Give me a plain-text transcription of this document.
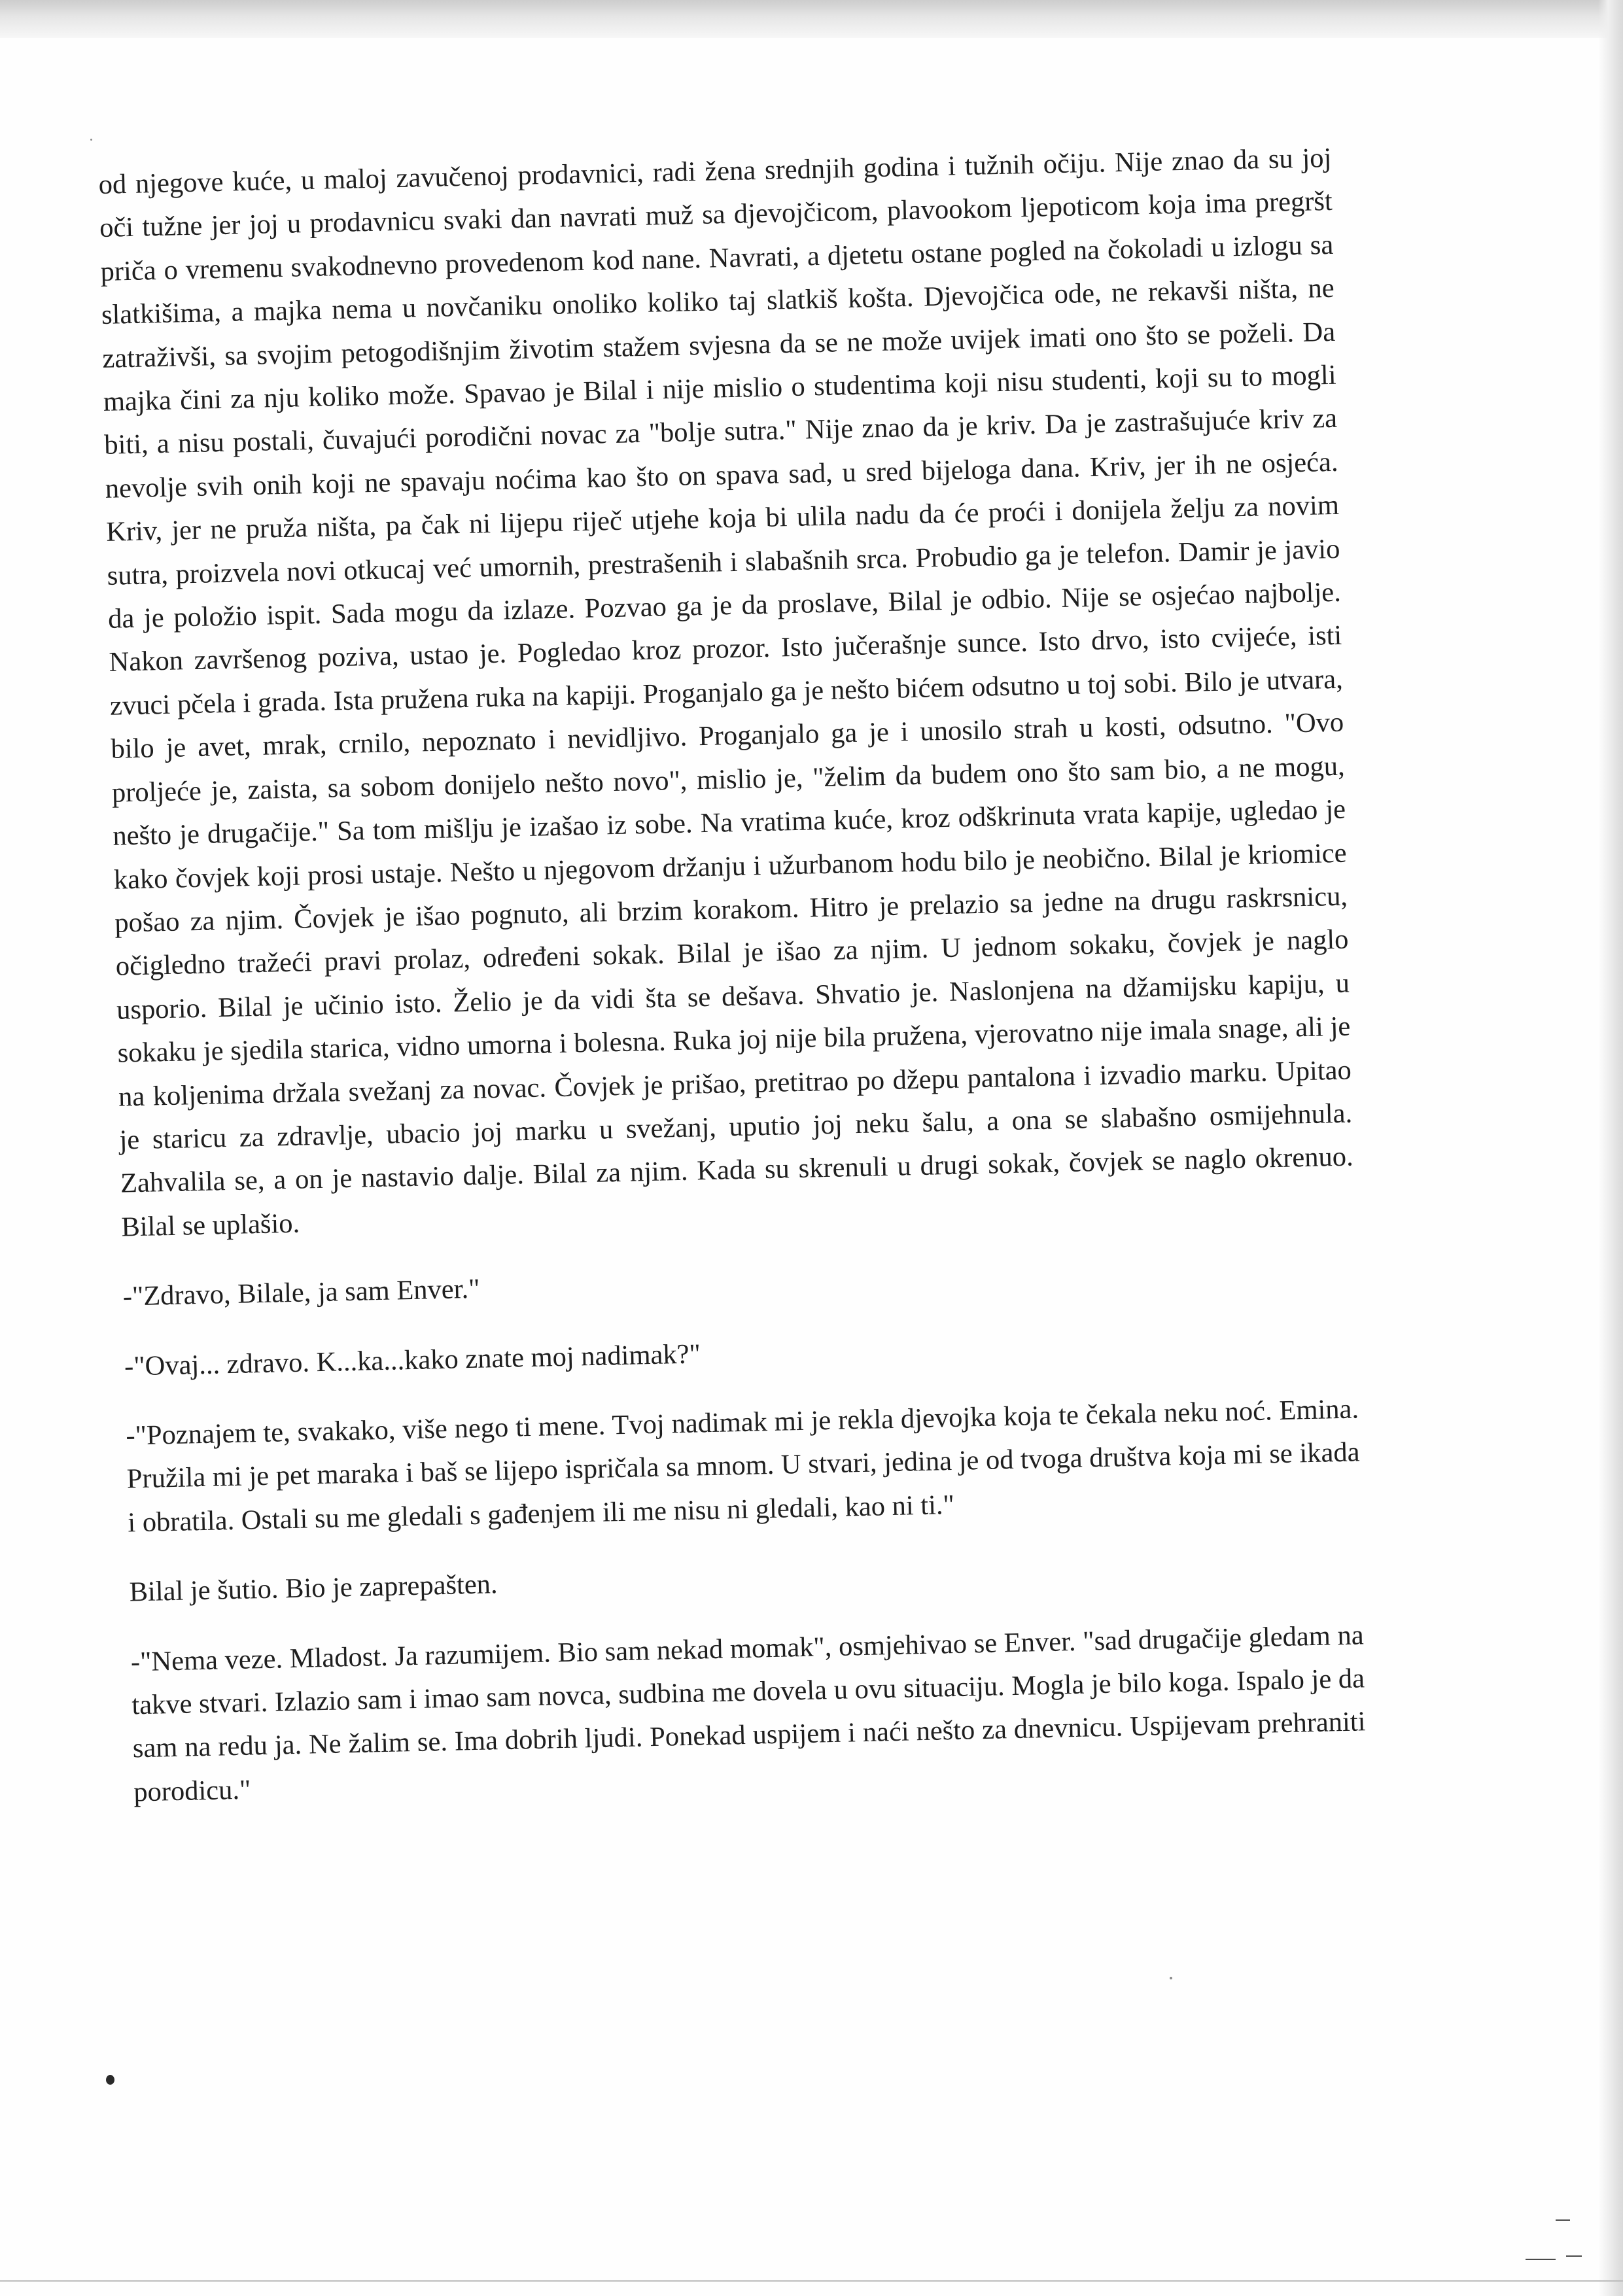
od njegove kuće, u maloj zavučenoj prodavnici, radi žena srednjih godina i tužnih očiju. Nije znao da su joj oči tužne jer joj u prodavnicu svaki dan navrati muž sa djevojčicom, plavookom ljepoticom koja ima pregršt priča o vremenu svakodnevno provedenom kod nane. Navrati, a djetetu ostane pogled na čokoladi u izlogu sa slatkišima, a majka nema u novčaniku onoliko koliko taj slatkiš košta. Djevojčica ode, ne rekavši ništa, ne zatraživši, sa svojim petogodišnjim životim stažem svjesna da se ne može uvijek imati ono što se poželi. Da majka čini za nju koliko može. Spavao je Bilal i nije mislio o studentima koji nisu studenti, koji su to mogli biti, a nisu postali, čuvajući porodični novac za "bolje sutra." Nije znao da je kriv. Da je zastrašujuće kriv za nevolje svih onih koji ne spavaju noćima kao što on spava sad, u sred bijeloga dana. Kriv, jer ih ne osjeća. Kriv, jer ne pruža ništa, pa čak ni lijepu riječ utjehe koja bi ulila nadu da će proći i donijela želju za novim sutra, proizvela novi otkucaj već umornih, prestrašenih i slabašnih srca. Probudio ga je telefon. Damir je javio da je položio ispit. Sada mogu da izlaze. Pozvao ga je da proslave, Bilal je odbio. Nije se osjećao najbolje. Nakon završenog poziva, ustao je. Pogledao kroz prozor. Isto jučerašnje sunce. Isto drvo, isto cvijeće, isti zvuci pčela i grada. Ista pružena ruka na kapiji. Proganjalo ga je nešto bićem odsutno u toj sobi. Bilo je utvara, bilo je avet, mrak, crnilo, nepoznato i nevidljivo. Proganjalo ga je i unosilo strah u kosti, odsutno. "Ovo proljeće je, zaista, sa sobom donijelo nešto novo", mislio je, "želim da budem ono što sam bio, a ne mogu, nešto je drugačije." Sa tom mišlju je izašao iz sobe. Na vratima kuće, kroz odškrinuta vrata kapije, ugledao je kako čovjek koji prosi ustaje. Nešto u njegovom držanju i užurbanom hodu bilo je neobično. Bilal je kriomice pošao za njim. Čovjek je išao pognuto, ali brzim korakom. Hitro je prelazio sa jedne na drugu raskrsnicu, očigledno tražeći pravi prolaz, određeni sokak. Bilal je išao za njim. U jednom sokaku, čovjek je naglo usporio. Bilal je učinio isto. Želio je da vidi šta se dešava. Shvatio je. Naslonjena na džamijsku kapiju, u sokaku je sjedila starica, vidno umorna i bolesna. Ruka joj nije bila pružena, vjerovatno nije imala snage, ali je na koljenima držala svežanj za novac. Čovjek je prišao, pretitrao po džepu pantalona i izvadio marku. Upitao je staricu za zdravlje, ubacio joj marku u svežanj, uputio joj neku šalu, a ona se slabašno osmijehnula. Zahvalila se, a on je nastavio dalje. Bilal za njim. Kada su skrenuli u drugi sokak, čovjek se naglo okrenuo. Bilal se uplašio.

-"Zdravo, Bilale, ja sam Enver."

-"Ovaj... zdravo. K...ka...kako znate moj nadimak?"

-"Poznajem te, svakako, više nego ti mene. Tvoj nadimak mi je rekla djevojka koja te čekala neku noć. Emina. Pružila mi je pet maraka i baš se lijepo ispričala sa mnom. U stvari, jedina je od tvoga društva koja mi se ikada i obratila. Ostali su me gledali s gađenjem ili me nisu ni gledali, kao ni ti."

Bilal je šutio. Bio je zaprepašten.

-"Nema veze. Mladost. Ja razumijem. Bio sam nekad momak", osmjehivao se Enver. "sad drugačije gledam na takve stvari. Izlazio sam i imao sam novca, sudbina me dovela u ovu situaciju. Mogla je bilo koga. Ispalo je da sam na redu ja. Ne žalim se. Ima dobrih ljudi. Ponekad uspijem i naći nešto za dnevnicu. Uspijevam prehraniti porodicu."
